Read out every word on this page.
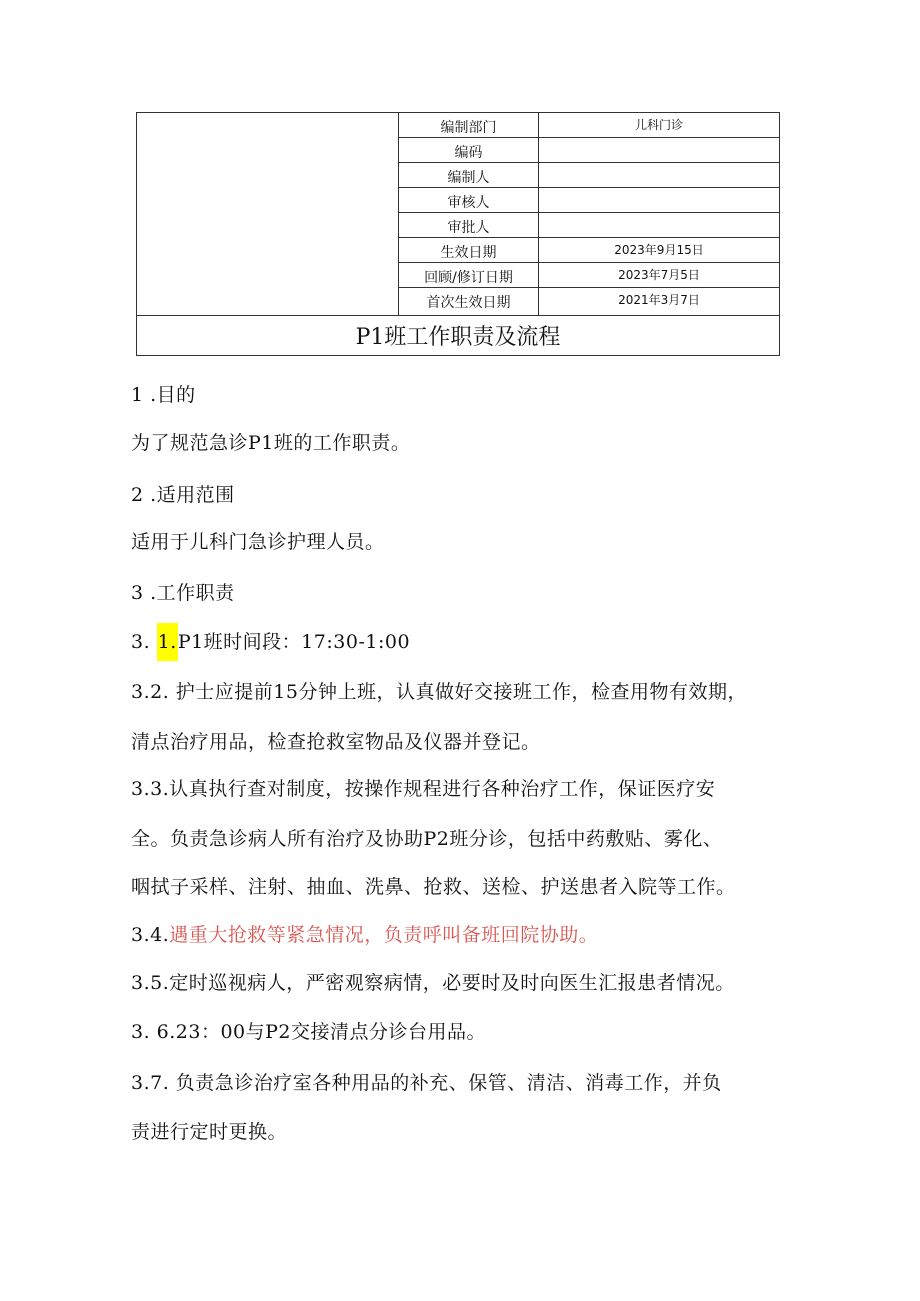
编制部门	儿科门诊
编码
编制人
审核人
审批人
生效日期	2023年9月15日
回顾/修订日期	2023年7月5日
首次生效日期	2021年3月7日
P1班工作职责及流程
1 .目的
为了规范急诊P1班的工作职责。
2 .适用范围
适用于儿科门急诊护理人员。
3 .工作职责
3. 1.P1班时间段：17:30-1:00
3.2. 护士应提前15分钟上班，认真做好交接班工作，检查用物有效期，
清点治疗用品，检查抢救室物品及仪器并登记。
3.3.认真执行查对制度，按操作规程进行各种治疗工作，保证医疗安
全。负责急诊病人所有治疗及协助P2班分诊，包括中药敷贴、雾化、
咽拭子采样、注射、抽血、洗鼻、抢救、送检、护送患者入院等工作。
3.4.遇重大抢救等紧急情况，负责呼叫备班回院协助。
3.5.定时巡视病人，严密观察病情，必要时及时向医生汇报患者情况。
3. 6.23：00与P2交接清点分诊台用品。
3.7. 负责急诊治疗室各种用品的补充、保管、清洁、消毒工作，并负
责进行定时更换。
